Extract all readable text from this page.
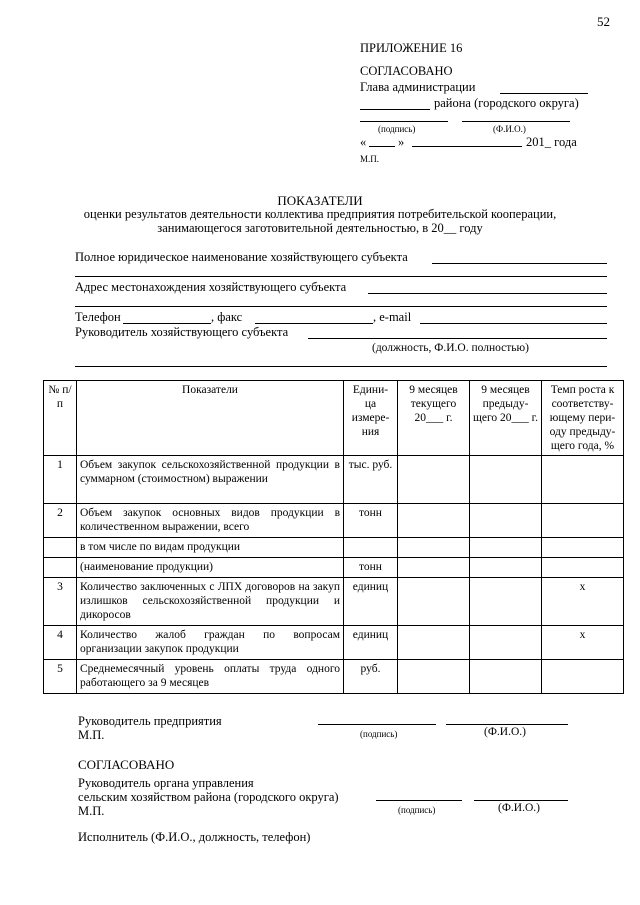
52
ПРИЛОЖЕНИЕ 16
СОГЛАСОВАНО
Глава администрации
района (городского округа)
(подпись)	(Ф.И.О.)
«	»	201_ года
М.П.
ПОКАЗАТЕЛИ
оценки результатов деятельности коллектива предприятия потребительской кооперации,
занимающегося заготовительной деятельностью, в 20__ году
Полное юридическое наименование хозяйствующего субъекта
Адрес местонахождения хозяйствующего субъекта
Телефон	, факс	, e-mail
Руководитель хозяйствующего субъекта
(должность, Ф.И.О. полностью)
№ п/п	Показатели	Едини- ца измере- ния	9 месяцев текущего 20___ г.	9 месяцев предыду- щего 20___ г.	Темп роста к соответству- ющему пери- оду предыду- щего года, %
1	Объем закупок сельскохозяйственной продукции в суммарном (стоимостном) выражении	тыс. руб.			
2	Объем закупок основных видов продукции в количественном выражении, всего	тонн			
	в том числе по видам продукции				
	(наименование продукции)	тонн			
3	Количество заключенных с ЛПХ договоров на закуп излишков сельскохозяйственной продукции и дикоросов	единиц			х
4	Количество жалоб граждан по вопросам организации закупок продукции	единиц			х
5	Среднемесячный уровень оплаты труда одного работающего за 9 месяцев	руб.			
Руководитель предприятия
М.П.	(подпись)	(Ф.И.О.)
СОГЛАСОВАНО
Руководитель органа управления
сельским хозяйством района (городского округа)
М.П.	(подпись)	(Ф.И.О.)
Исполнитель (Ф.И.О., должность, телефон)
